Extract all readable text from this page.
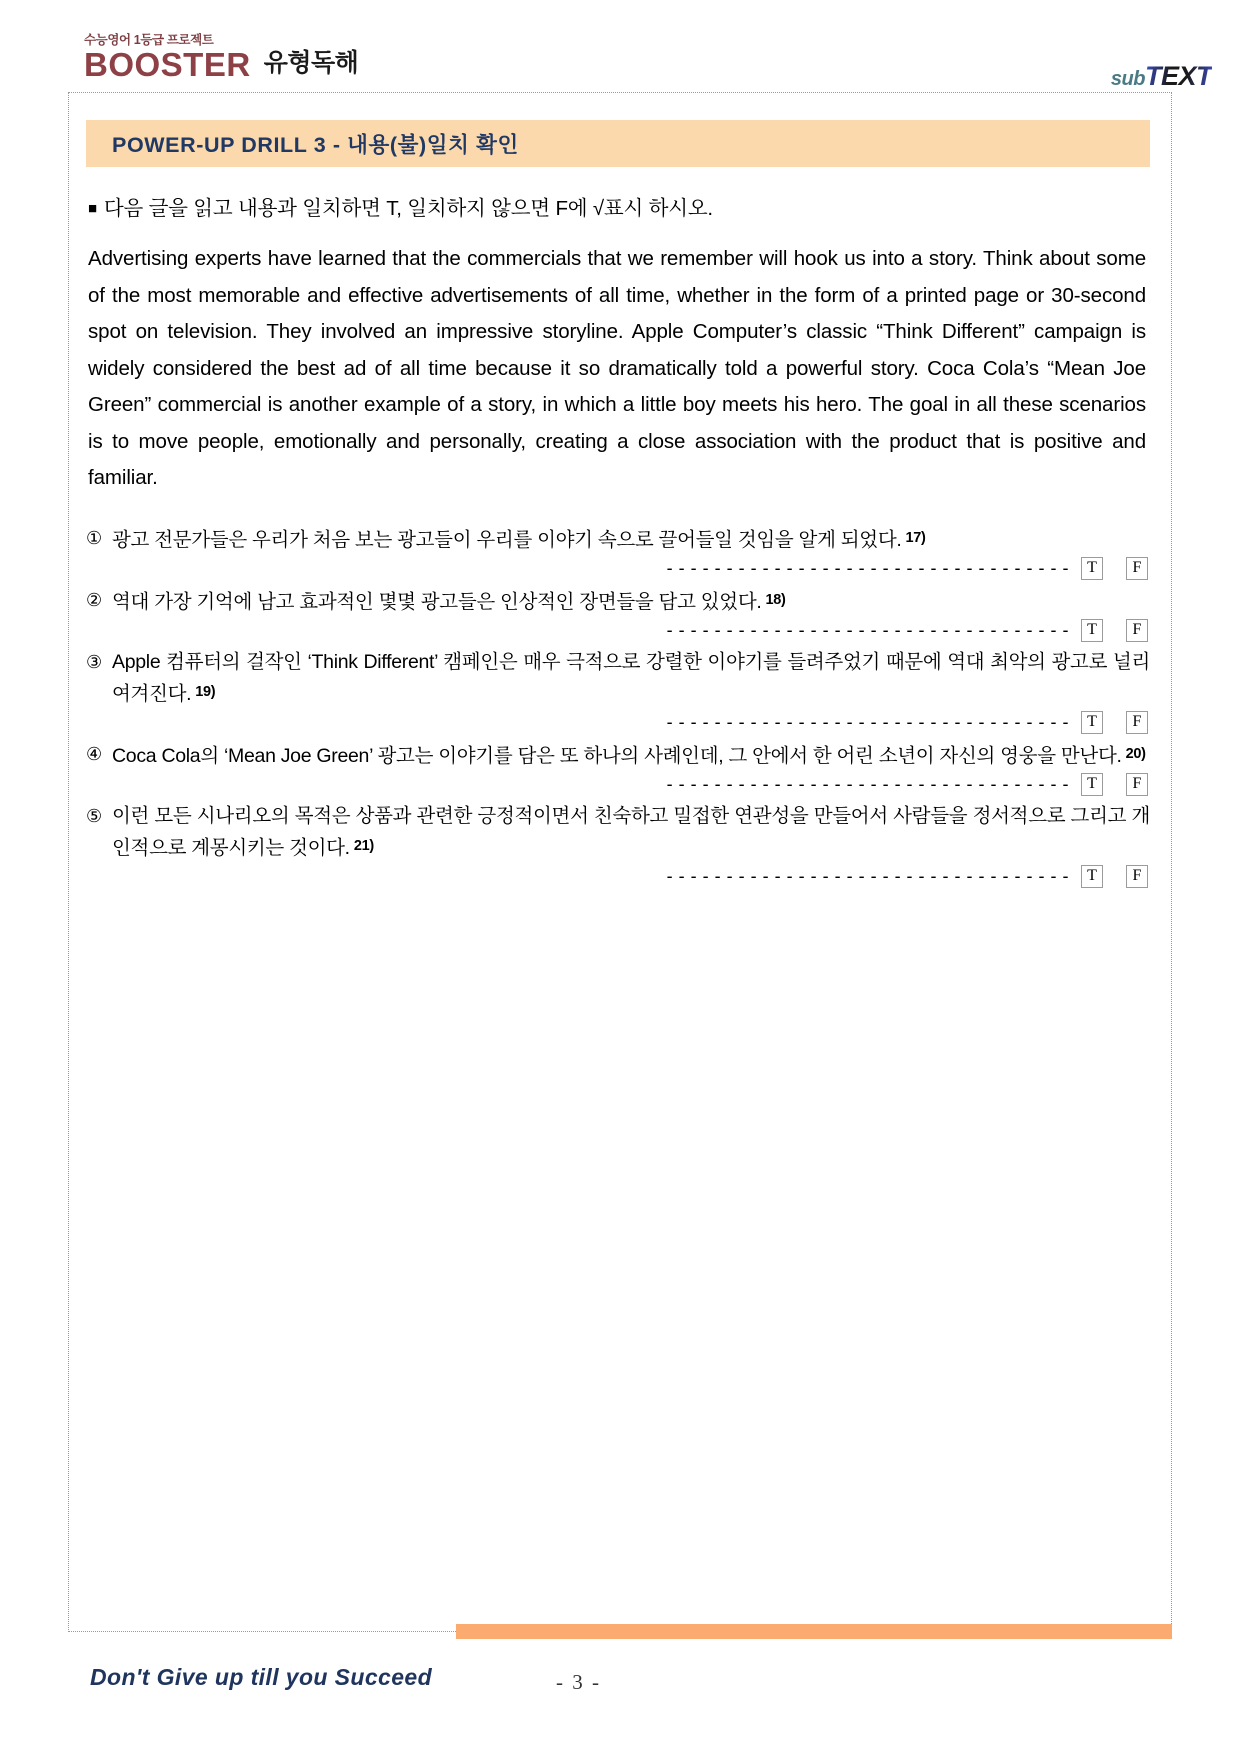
수능영어 1등급 프로젝트
BOOSTER 유형독해
subTEXT
POWER-UP DRILL 3 - 내용(불)일치 확인
■ 다음 글을 읽고 내용과 일치하면 T, 일치하지 않으면 F에 √표시 하시오.

Advertising experts have learned that the commercials that we remember will hook us into a story. Think about some of the most memorable and effective advertisements of all time, whether in the form of a printed page or 30-second spot on television. They involved an impressive storyline. Apple Computer’s classic “Think Different” campaign is widely considered the best ad of all time because it so dramatically told a powerful story. Coca Cola’s “Mean Joe Green” commercial is another example of a story, in which a little boy meets his hero. The goal in all these scenarios is to move people, emotionally and personally, creating a close association with the product that is positive and familiar.

① 광고 전문가들은 우리가 처음 보는 광고들이 우리를 이야기 속으로 끌어들일 것임을 알게 되었다. $^{17)}$
- - - - - - - - - - - - - - - - - - - - - - - - - - - - - - - - - -	T	F
② 역대 가장 기억에 남고 효과적인 몇몇 광고들은 인상적인 장면들을 담고 있었다. $^{18)}$
- - - - - - - - - - - - - - - - - - - - - - - - - - - - - - - - - -	T	F
③ Apple 컴퓨터의 걸작인 ‘Think Different’ 캠페인은 매우 극적으로 강렬한 이야기를 들려주었기 때문에 역대 최악의 광고로 널리 여겨진다. $^{19)}$
- - - - - - - - - - - - - - - - - - - - - - - - - - - - - - - - - -	T	F
④ Coca Cola의 ‘Mean Joe Green’ 광고는 이야기를 담은 또 하나의 사례인데, 그 안에서 한 어린 소년이 자신의 영웅을 만난다. $^{20)}$
- - - - - - - - - - - - - - - - - - - - - - - - - - - - - - - - - -	T	F
⑤ 이런 모든 시나리오의 목적은 상품과 관련한 긍정적이면서 친숙하고 밀접한 연관성을 만들어서 사람들을 정서적으로 그리고 개인적으로 계몽시키는 것이다. $^{21)}$
- - - - - - - - - - - - - - - - - - - - - - - - - - - - - - - - - -	T	F
Don't Give up till you Succeed	- 3 -
